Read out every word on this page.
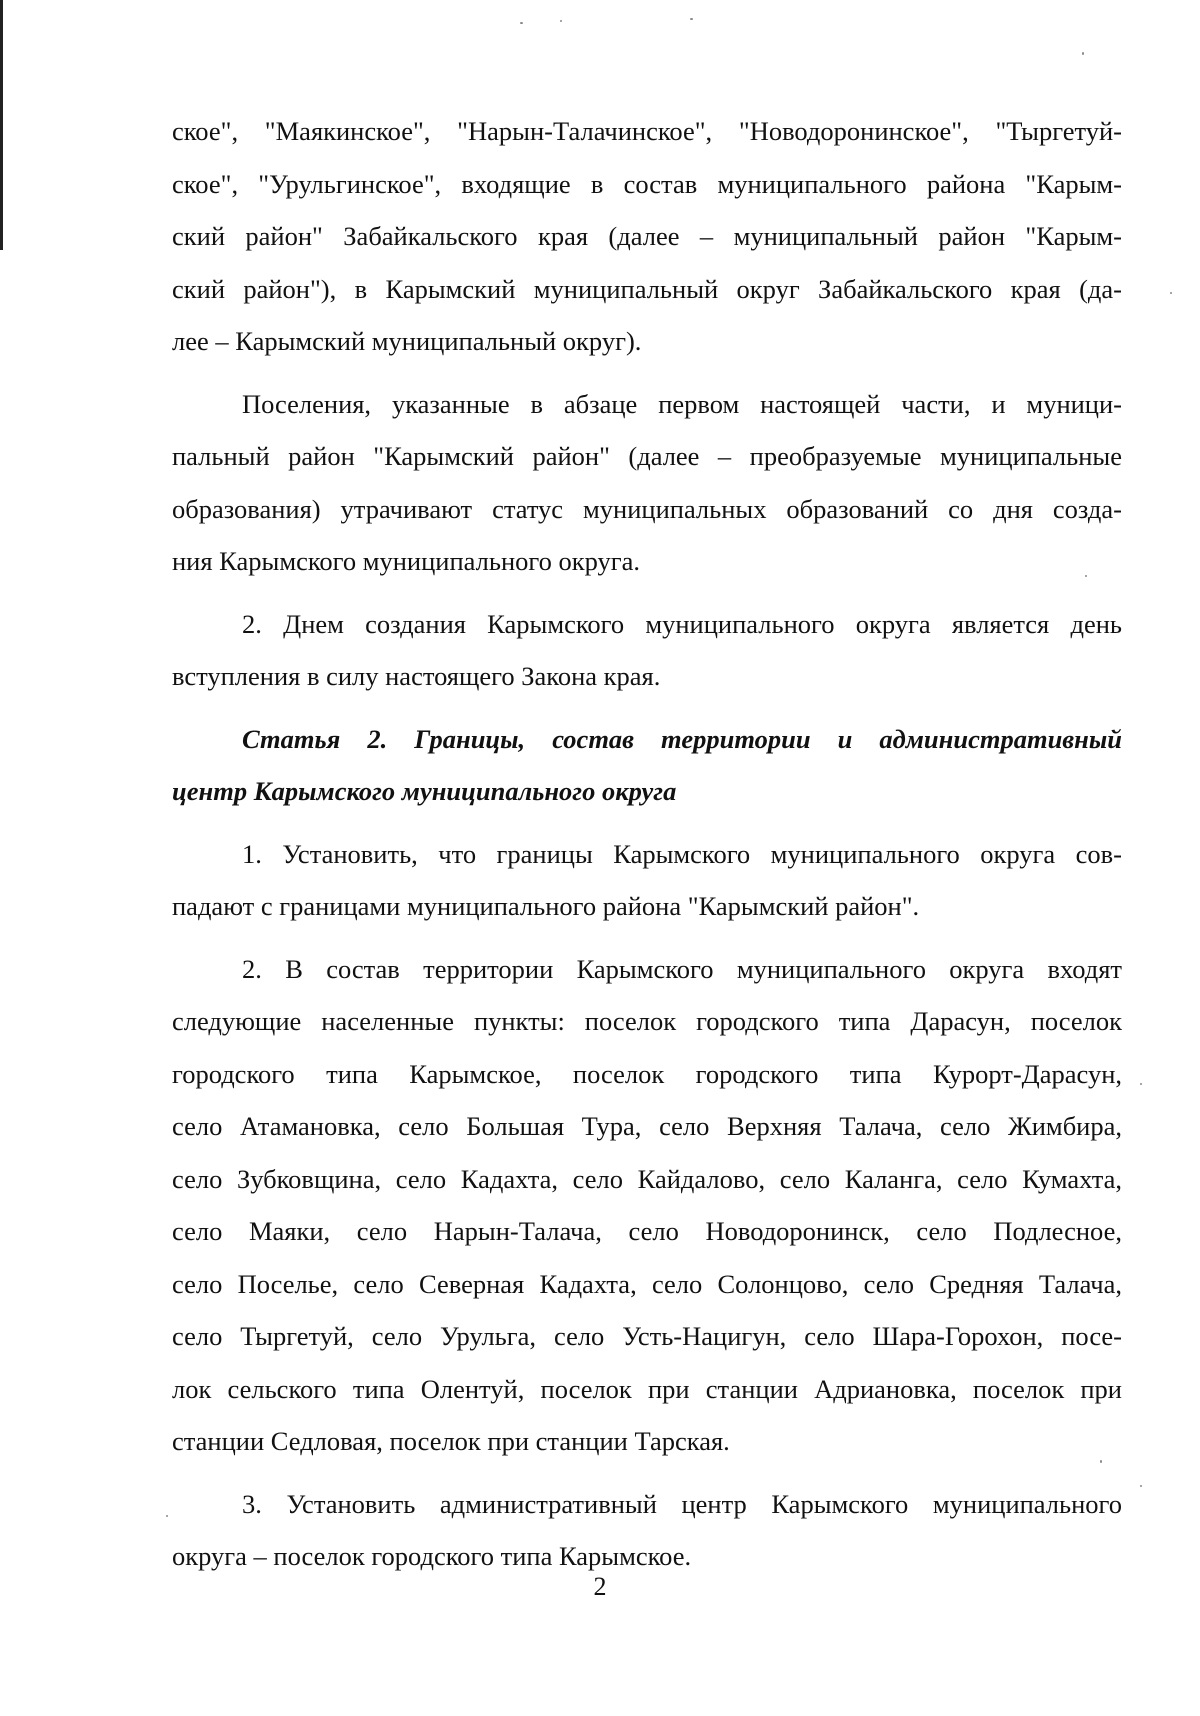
ское", "Маякинское", "Нарын-Талачинское", "Новодоронинское", "Тыргетуй-
ское", "Урульгинское", входящие в состав муниципального района "Карым-
ский район" Забайкальского края (далее – муниципальный район "Карым-
ский район"), в Карымский муниципальный округ Забайкальского края (да-
лее – Карымский муниципальный округ).
Поселения, указанные в абзаце первом настоящей части, и муници-
пальный район "Карымский район" (далее – преобразуемые муниципальные
образования) утрачивают статус муниципальных образований со дня созда-
ния Карымского муниципального округа.
2. Днем создания Карымского муниципального округа является день
вступления в силу настоящего Закона края.
Статья 2. Границы, состав территории и административный
центр Карымского муниципального округа
1. Установить, что границы Карымского муниципального округа сов-
падают с границами муниципального района "Карымский район".
2. В состав территории Карымского муниципального округа входят
следующие населенные пункты: поселок городского типа Дарасун, поселок
городского типа Карымское, поселок городского типа Курорт-Дарасун,
село Атамановка, село Большая Тура, село Верхняя Талача, село Жимбира,
село Зубковщина, село Кадахта, село Кайдалово, село Каланга, село Кумахта,
село Маяки, село Нарын-Талача, село Новодоронинск, село Подлесное,
село Поселье, село Северная Кадахта, село Солонцово, село Средняя Талача,
село Тыргетуй, село Урульга, село Усть-Нацигун, село Шара-Горохон, посе-
лок сельского типа Олентуй, поселок при станции Адриановка, поселок при
станции Седловая, поселок при станции Тарская.
3. Установить административный центр Карымского муниципального
округа – поселок городского типа Карымское.
2
